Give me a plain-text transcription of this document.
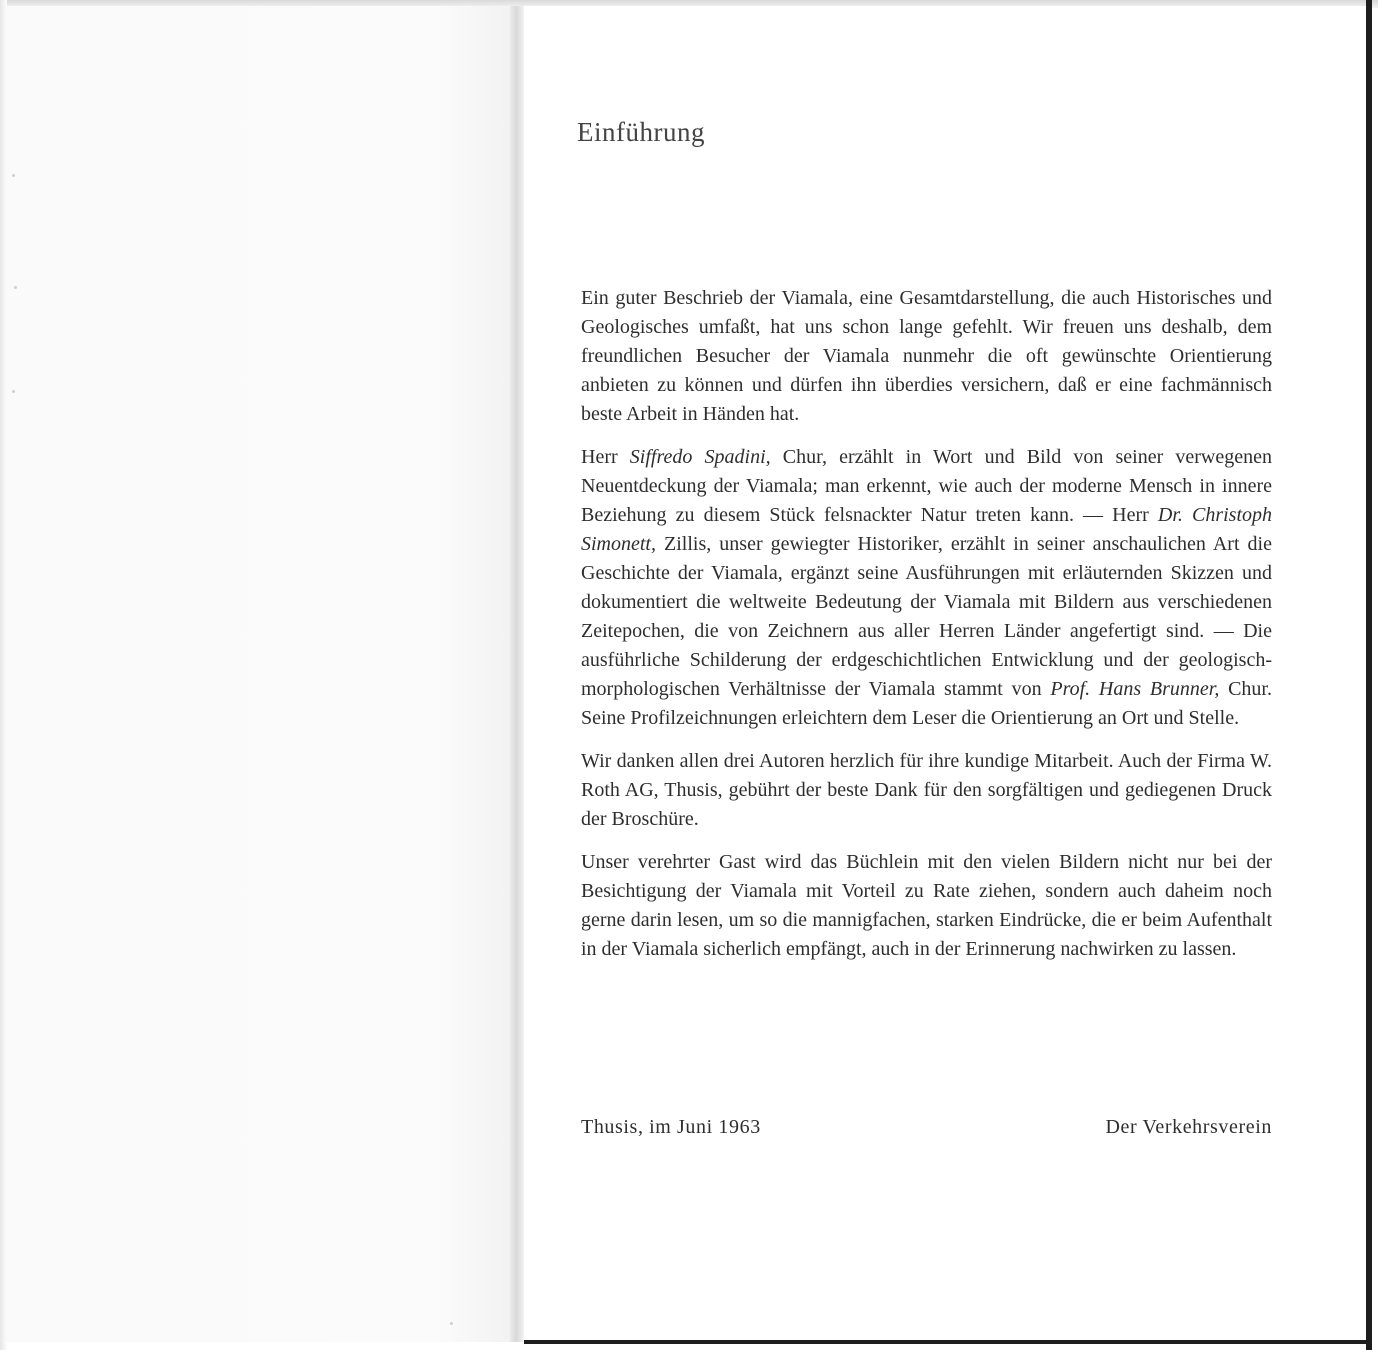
Einführung

Ein guter Beschrieb der Viamala, eine Gesamtdarstellung, die auch Historisches und Geologisches umfaßt, hat uns schon lange gefehlt. Wir freuen uns deshalb, dem freundlichen Besucher der Viamala nunmehr die oft gewünschte Orientierung anbieten zu können und dürfen ihn überdies versichern, daß er eine fachmännisch beste Arbeit in Händen hat.

Herr Siffredo Spadini, Chur, erzählt in Wort und Bild von seiner verwegenen Neuentdeckung der Viamala; man erkennt, wie auch der moderne Mensch in innere Beziehung zu diesem Stück felsnackter Natur treten kann. — Herr Dr. Christoph Simonett, Zillis, unser gewiegter Historiker, erzählt in seiner anschaulichen Art die Geschichte der Viamala, ergänzt seine Ausführungen mit erläuternden Skizzen und dokumentiert die weltweite Bedeutung der Viamala mit Bildern aus verschiedenen Zeitepochen, die von Zeichnern aus aller Herren Länder angefertigt sind. — Die ausführliche Schilderung der erdgeschichtlichen Entwicklung und der geologisch-morphologischen Verhältnisse der Viamala stammt von Prof. Hans Brunner, Chur. Seine Profilzeichnungen erleichtern dem Leser die Orientierung an Ort und Stelle.

Wir danken allen drei Autoren herzlich für ihre kundige Mitarbeit. Auch der Firma W. Roth AG, Thusis, gebührt der beste Dank für den sorgfältigen und gediegenen Druck der Broschüre.

Unser verehrter Gast wird das Büchlein mit den vielen Bildern nicht nur bei der Besichtigung der Viamala mit Vorteil zu Rate ziehen, sondern auch daheim noch gerne darin lesen, um so die mannigfachen, starken Eindrücke, die er beim Aufenthalt in der Viamala sicherlich empfängt, auch in der Erinnerung nachwirken zu lassen.

Thusis, im Juni 1963	Der Verkehrsverein
